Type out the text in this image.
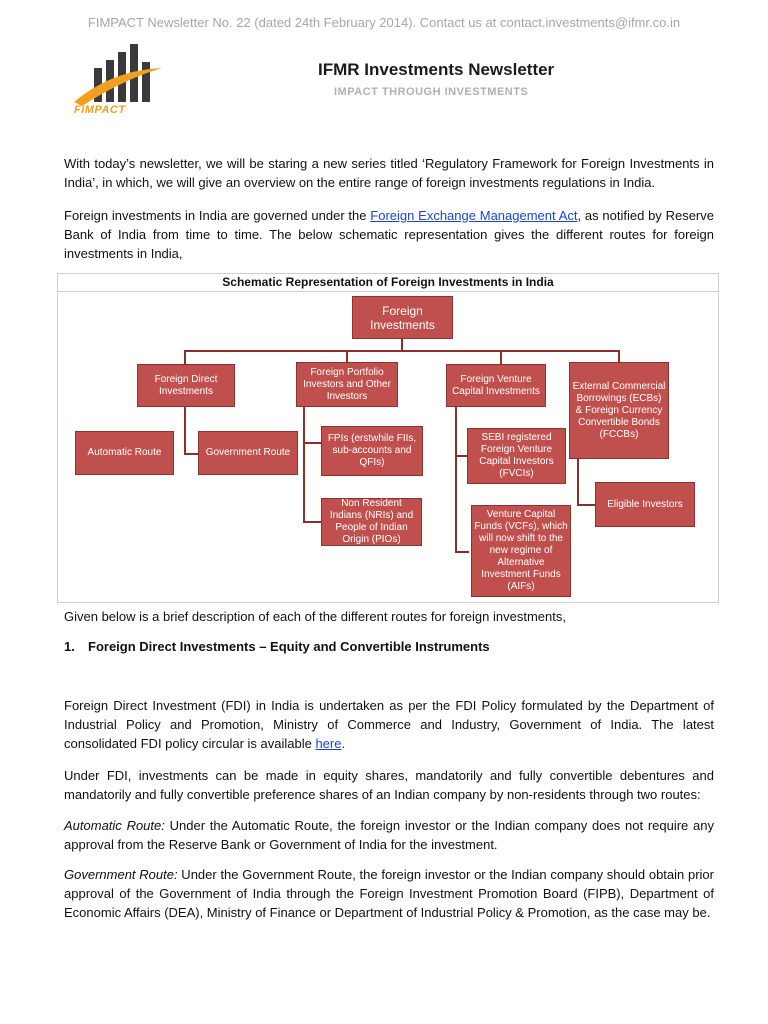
FIMPACT Newsletter No. 22 (dated 24th February 2014). Contact us at contact.investments@ifmr.co.in
FIMPACT
IFMR Investments Newsletter
IMPACT THROUGH INVESTMENTS

With today’s newsletter, we will be staring a new series titled ‘Regulatory Framework for Foreign Investments in India’, in which, we will give an overview on the entire range of foreign investments regulations in India.

Foreign investments in India are governed under the Foreign Exchange Management Act, as notified by Reserve Bank of India from time to time. The below schematic representation gives the different routes for foreign investments in India,

Schematic Representation of Foreign Investments in India
Foreign Investments
Foreign Direct Investments
Foreign Portfolio Investors and Other Investors
Foreign Venture Capital Investments	External Commercial Borrowings (ECBs) & Foreign Currency Convertible Bonds (FCCBs)
Automatic Route	Government Route
FPIs (erstwhile FIIs, sub-accounts and QFIs)
Non Resident Indians (NRIs) and People of Indian Origin (PIOs)
SEBI registered Foreign Venture Capital Investors (FVCIs)
Venture Capital Funds (VCFs), which will now shift to the new regime of Alternative Investment Funds (AIFs)
Eligible Investors

Given below is a brief description of each of the different routes for foreign investments,

1. Foreign Direct Investments – Equity and Convertible Instruments

Foreign Direct Investment (FDI) in India is undertaken as per the FDI Policy formulated by the Department of Industrial Policy and Promotion, Ministry of Commerce and Industry, Government of India. The latest consolidated FDI policy circular is available here.

Under FDI, investments can be made in equity shares, mandatorily and fully convertible debentures and mandatorily and fully convertible preference shares of an Indian company by non-residents through two routes:

Automatic Route: Under the Automatic Route, the foreign investor or the Indian company does not require any approval from the Reserve Bank or Government of India for the investment.

Government Route: Under the Government Route, the foreign investor or the Indian company should obtain prior approval of the Government of India through the Foreign Investment Promotion Board (FIPB), Department of Economic Affairs (DEA), Ministry of Finance or Department of Industrial Policy & Promotion, as the case may be.
